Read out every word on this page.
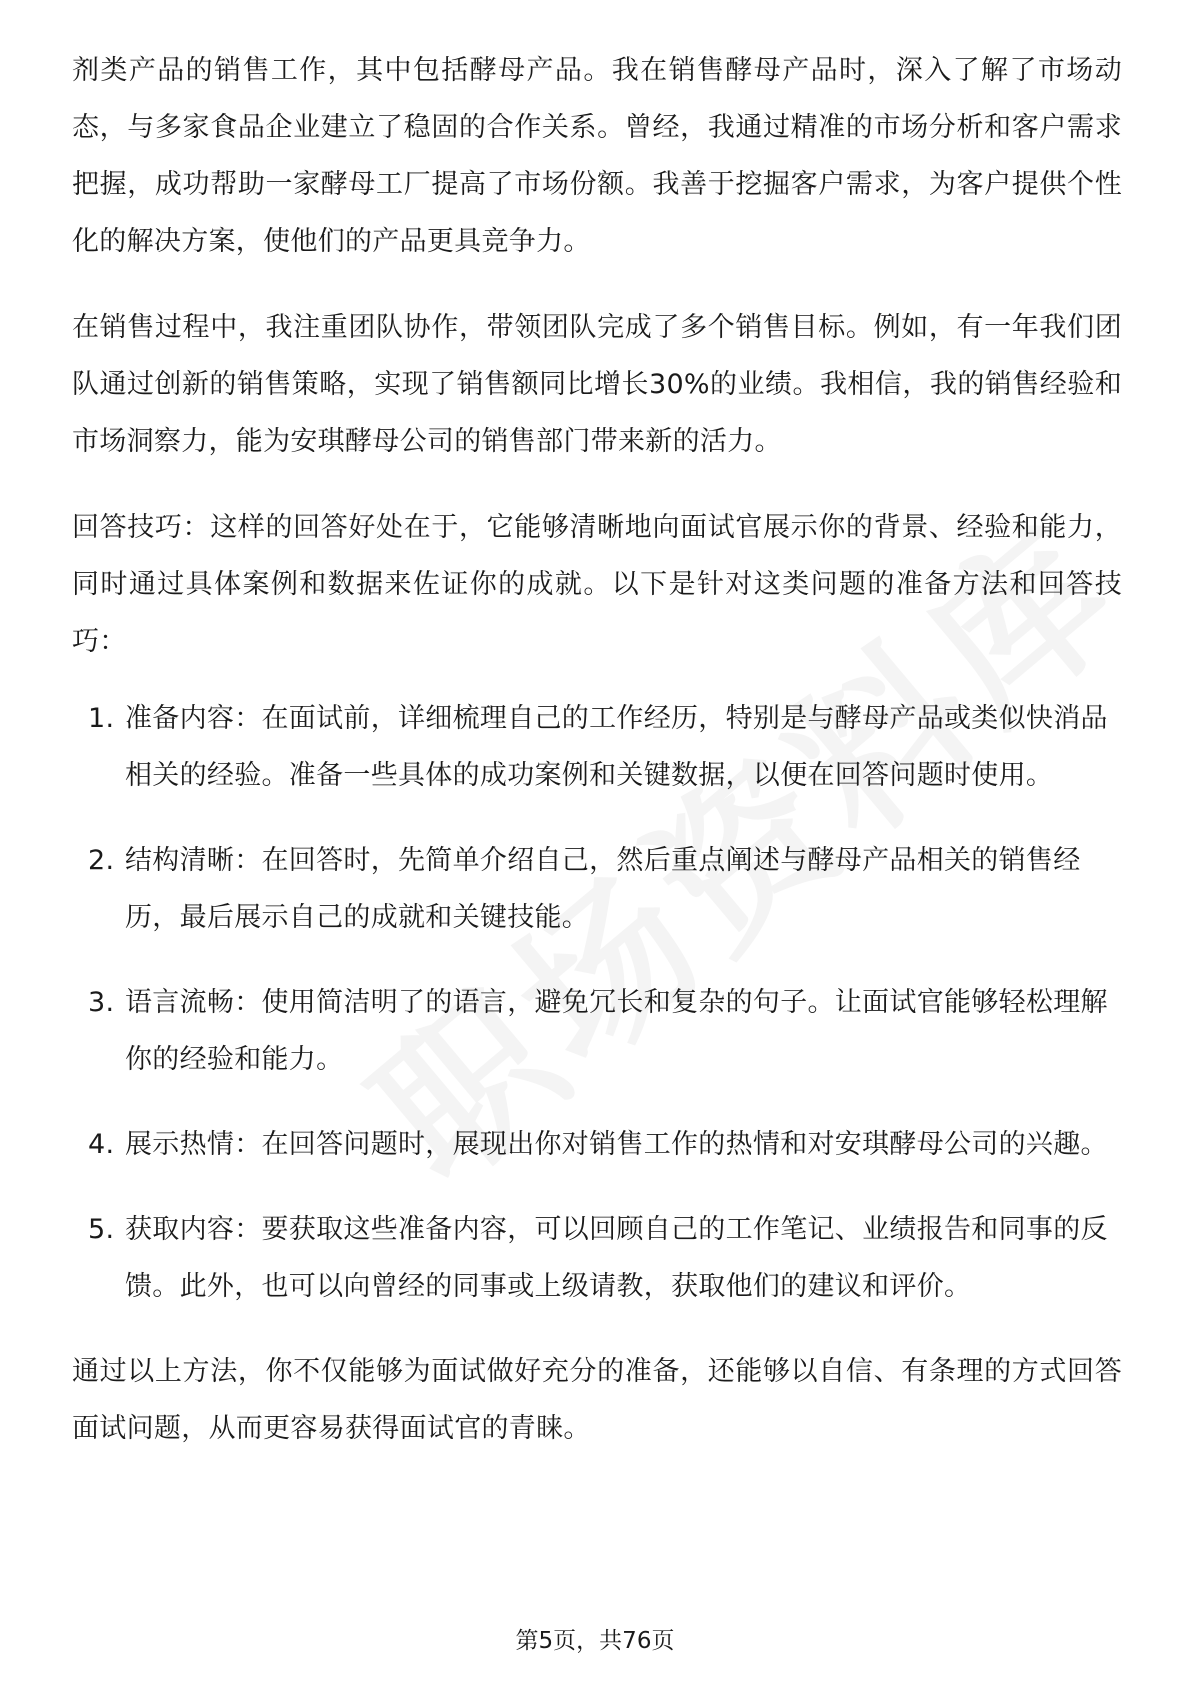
剂类产品的销售工作，其中包括酵母产品。我在销售酵母产品时，深入了解了市场动态，与多家食品企业建立了稳固的合作关系。曾经，我通过精准的市场分析和客户需求把握，成功帮助一家酵母工厂提高了市场份额。我善于挖掘客户需求，为客户提供个性化的解决方案，使他们的产品更具竞争力。

在销售过程中，我注重团队协作，带领团队完成了多个销售目标。例如，有一年我们团队通过创新的销售策略，实现了销售额同比增长30%的业绩。我相信，我的销售经验和市场洞察力，能为安琪酵母公司的销售部门带来新的活力。

回答技巧：这样的回答好处在于，它能够清晰地向面试官展示你的背景、经验和能力，同时通过具体案例和数据来佐证你的成就。以下是针对这类问题的准备方法和回答技巧：

1. 准备内容：在面试前，详细梳理自己的工作经历，特别是与酵母产品或类似快消品相关的经验。准备一些具体的成功案例和关键数据，以便在回答问题时使用。
2. 结构清晰：在回答时，先简单介绍自己，然后重点阐述与酵母产品相关的销售经历，最后展示自己的成就和关键技能。
3. 语言流畅：使用简洁明了的语言，避免冗长和复杂的句子。让面试官能够轻松理解你的经验和能力。
4. 展示热情：在回答问题时，展现出你对销售工作的热情和对安琪酵母公司的兴趣。
5. 获取内容：要获取这些准备内容，可以回顾自己的工作笔记、业绩报告和同事的反馈。此外，也可以向曾经的同事或上级请教，获取他们的建议和评价。

通过以上方法，你不仅能够为面试做好充分的准备，还能够以自信、有条理的方式回答面试问题，从而更容易获得面试官的青睐。

第5页，共76页
